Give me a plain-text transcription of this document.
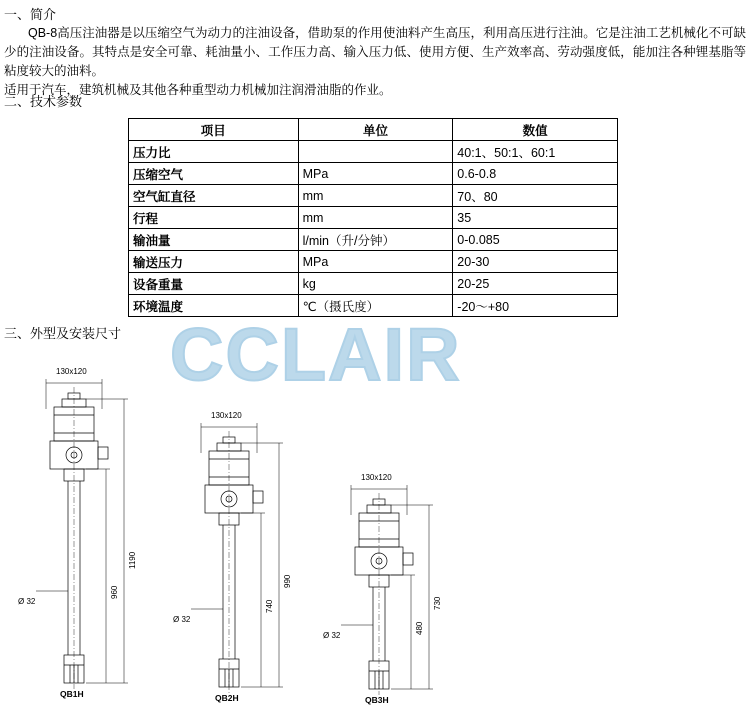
一、简介

QB-8高压注油器是以压缩空气为动力的注油设备，借助泵的作用使油料产生高压，利用高压进行注油。它是注油工艺机械化不可缺少的注油设备。其特点是安全可靠、耗油量小、工作压力高、输入压力低、使用方便、生产效率高、劳动强度低，能加注各种锂基脂等粘度较大的油料。

适用于汽车，建筑机械及其他各种重型动力机械加注润滑油脂的作业。

二、技术参数
项目	单位	数值
压力比		40:1、50:1、60:1
压缩空气	MPa	0.6-0.8
空气缸直径	mm	70、80
行程	mm	35
输油量	l/min（升/分钟）	0-0.085
输送压力	MPa	20-30
设备重量	kg	20-25
环境温度	℃（摄氏度）	-20～+80
三、外型及安装尺寸 CCLAIR
130x120
1190
960
Ø 32
QB1H
130x120
990
740
Ø 32
QB2H
130x120
730
480
Ø 32
QB3H
